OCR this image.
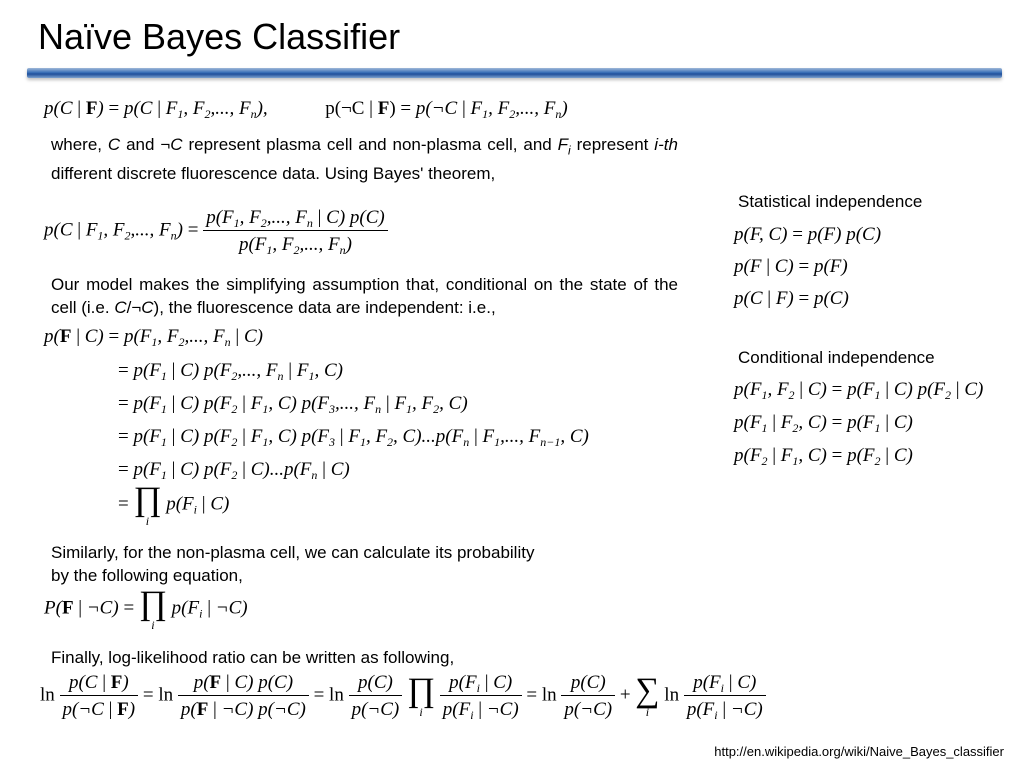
Naïve Bayes Classifier
p(C | F) = p(C | $F_1$, $F_2$,..., $F_n$),	p(¬C | F) = p(¬C | $F_1$, $F_2$,..., $F_n$)
where, C and ¬C represent plasma cell and non-plasma cell, and $F_i$ represent i-th different discrete fluorescence data. Using Bayes' theorem,
p(C | $F_1$, $F_2$,..., $F_n) = \frac{p(F_1, F_2,..., F_n | C) p(C)}{p(F_1, F_2,..., F_n)}$
Our model makes the simplifying assumption that, conditional on the state of the cell (i.e. C/¬C), the fluorescence data are independent: i.e.,
p(F | $C) = p(F_1$, $F_2$,..., $F_n$ | C)
= $p(F_1$ | C) $p(F_2$,..., $F_n$ | $F_1$, C)
= $p(F_1$ | C) $p(F_2$ | $F_1$, C) $p(F_3$,..., $F_n$ | $F_1$, $F_2$, C)
= $p(F_1$ | C) $p(F_2$ | $F_1$, C) $p(F_3$ | $F_1$, $F_2$, $C)...p(F_n$ | $F_1$,..., $F_{n-1}$, C)
= $p(F_1$ | C) $p(F_2$ | $C)...p(F_n$ | C)
= ∏
i
$p(F_i$ | C)
Similarly, for the non-plasma cell, we can calculate its probability by the following equation,
P(F | ¬C) = ∏
i
$p(F_i$ | ¬C)
Finally, log-likelihood ratio can be written as following,
$\ln \frac{p(C | F)}{p(\neg C | F)} = \ln \frac{p(F | C) p(C)}{p(F | \neg C) p(\neg C)} = \ln \frac{p(C)}{p(\neg C)}$
∏
i
$\frac{p(F_i | C)}{p(F_i | \neg C)} = \ln \frac{p(C)}{p(\neg C)}$ + ∑
i
$\ln \frac{p(F_i | C)}{p(F_i | \neg C)}$
Statistical independence
p(F, C) = p(F) p(C)
p(F | C) = p(F)
p(C | F) = p(C)
Conditional independence
$p(F_1$, $F_2$ | $C) = p(F_1$ | C) $p(F_2$ | C)
$p(F_1$ | $F_2$, $C) = p(F_1$ | C)
$p(F_2$ | $F_1$, $C) = p(F_2$ | C)
http://en.wikipedia.org/wiki/Naive_Bayes_classifier
